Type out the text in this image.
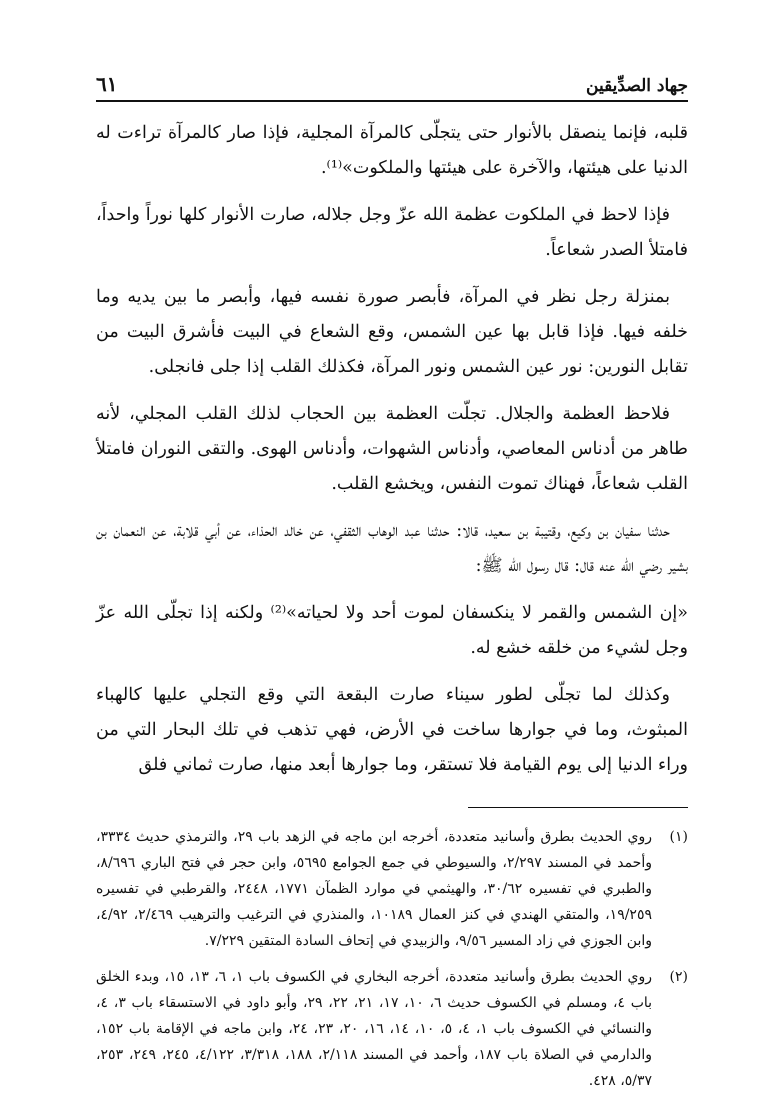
جهاد الصدِّيقين
٦١

قلبه، فإنما ينصقل بالأنوار حتى يتجلّى كالمرآة المجلية، فإذا صار كالمرآة تراءت له الدنيا على هيئتها، والآخرة على هيئتها والملكوت»⁽¹⁾.

فإذا لاحظ في الملكوت عظمة الله عزّ وجل جلاله، صارت الأنوار كلها نوراً واحداً، فامتلأ الصدر شعاعاً.

بمنزلة رجل نظر في المرآة، فأبصر صورة نفسه فيها، وأبصر ما بين يديه وما خلفه فيها. فإذا قابل بها عين الشمس، وقع الشعاع في البيت فأشرق البيت من تقابل النورين: نور عين الشمس ونور المرآة، فكذلك القلب إذا جلى فانجلى.

فلاحظ العظمة والجلال. تجلّت العظمة بين الحجاب لذلك القلب المجلي، لأنه طاهر من أدناس المعاصي، وأدناس الشهوات، وأدناس الهوى. والتقى النوران فامتلأ القلب شعاعاً، فهناك تموت النفس، ويخشع القلب.

حدثنا سفيان بن وكيع، وقتيبة بن سعيد، قالا: حدثنا عبد الوهاب الثقفي، عن خالد الحذاء، عن أبي قلابة، عن النعمان بن بشير رضي الله عنه قال: قال رسول الله ﷺ:

«إن الشمس والقمر لا ينكسفان لموت أحد ولا لحياته»⁽²⁾ ولكنه إذا تجلّى الله عزّ وجل لشيء من خلقه خشع له.

وكذلك لما تجلّى لطور سيناء صارت البقعة التي وقع التجلي عليها كالهباء المبثوث، وما في جوارها ساخت في الأرض، فهي تذهب في تلك البحار التي من وراء الدنيا إلى يوم القيامة فلا تستقر، وما جوارها أبعد منها، صارت ثماني فلق

(١)
روي الحديث بطرق وأسانيد متعددة، أخرجه ابن ماجه في الزهد باب ٢٩، والترمذي حديث ٣٣٣٤، وأحمد في المسند ٢/٢٩٧، والسيوطي في جمع الجوامع ٥٦٩٥، وابن حجر في فتح الباري ٨/٦٩٦، والطبري في تفسيره ٣٠/٦٢، والهيثمي في موارد الظمآن ١٧٧١، ٢٤٤٨، والقرطبي في تفسيره ١٩/٢٥٩، والمتقي الهندي في كنز العمال ١٠١٨٩، والمنذري في الترغيب والترهيب ٢/٤٦٩، ٤/٩٢، وابن الجوزي في زاد المسير ٩/٥٦، والزبيدي في إتحاف السادة المتقين ٧/٢٢٩.
(٢)
روي الحديث بطرق وأسانيد متعددة، أخرجه البخاري في الكسوف باب ١، ٦، ١٣، ١٥، وبدء الخلق باب ٤، ومسلم في الكسوف حديث ٦، ١٠، ١٧، ٢١، ٢٢، ٢٩، وأبو داود في الاستسقاء باب ٣، ٤، والنسائي في الكسوف باب ١، ٤، ٥، ١٠، ١٤، ١٦، ٢٠، ٢٣، ٢٤، وابن ماجه في الإقامة باب ١٥٢، والدارمي في الصلاة باب ١٨٧، وأحمد في المسند ٢/١١٨، ١٨٨، ٣/٣١٨، ٤/١٢٢، ٢٤٥، ٢٤٩، ٢٥٣، ٥/٣٧، ٤٢٨.
